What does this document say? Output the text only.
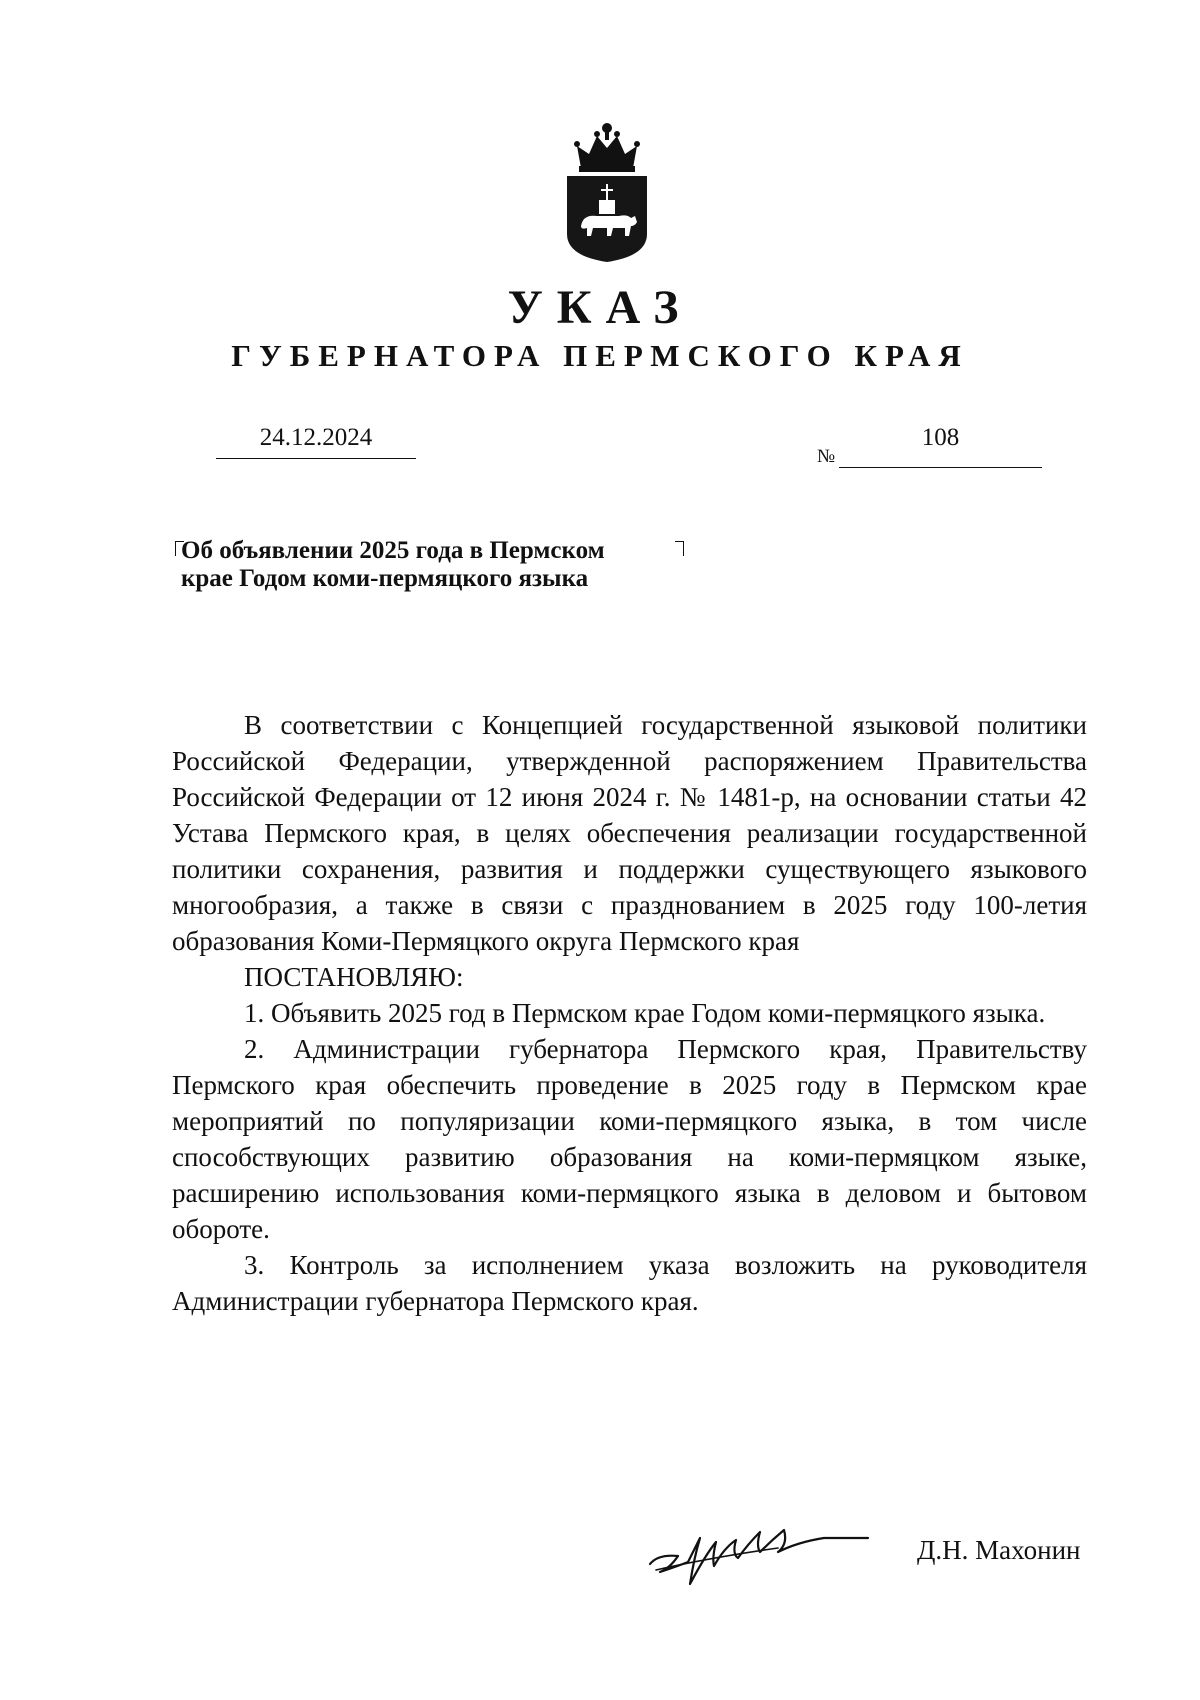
УКАЗ
ГУБЕРНАТОРА ПЕРМСКОГО КРАЯ
24.12.2024
№
108
Об объявлении 2025 года в Пермском
крае Годом коми-пермяцкого языка

В соответствии с Концепцией государственной языковой политики Российской Федерации, утвержденной распоряжением Правительства Российской Федерации от 12 июня 2024 г. № 1481-р, на основании статьи 42 Устава Пермского края, в целях обеспечения реализации государственной политики сохранения, развития и поддержки существующего языкового многообразия, а также в связи с празднованием в 2025 году 100-летия образования Коми-Пермяцкого округа Пермского края

ПОСТАНОВЛЯЮ:

1. Объявить 2025 год в Пермском крае Годом коми-пермяцкого языка.

2. Администрации губернатора Пермского края, Правительству Пермского края обеспечить проведение в 2025 году в Пермском крае мероприятий по популяризации коми-пермяцкого языка, в том числе способствующих развитию образования на коми-пермяцком языке, расширению использования коми-пермяцкого языка в деловом и бытовом обороте.

3. Контроль за исполнением указа возложить на руководителя Администрации губернатора Пермского края.

Д.Н. Махонин
